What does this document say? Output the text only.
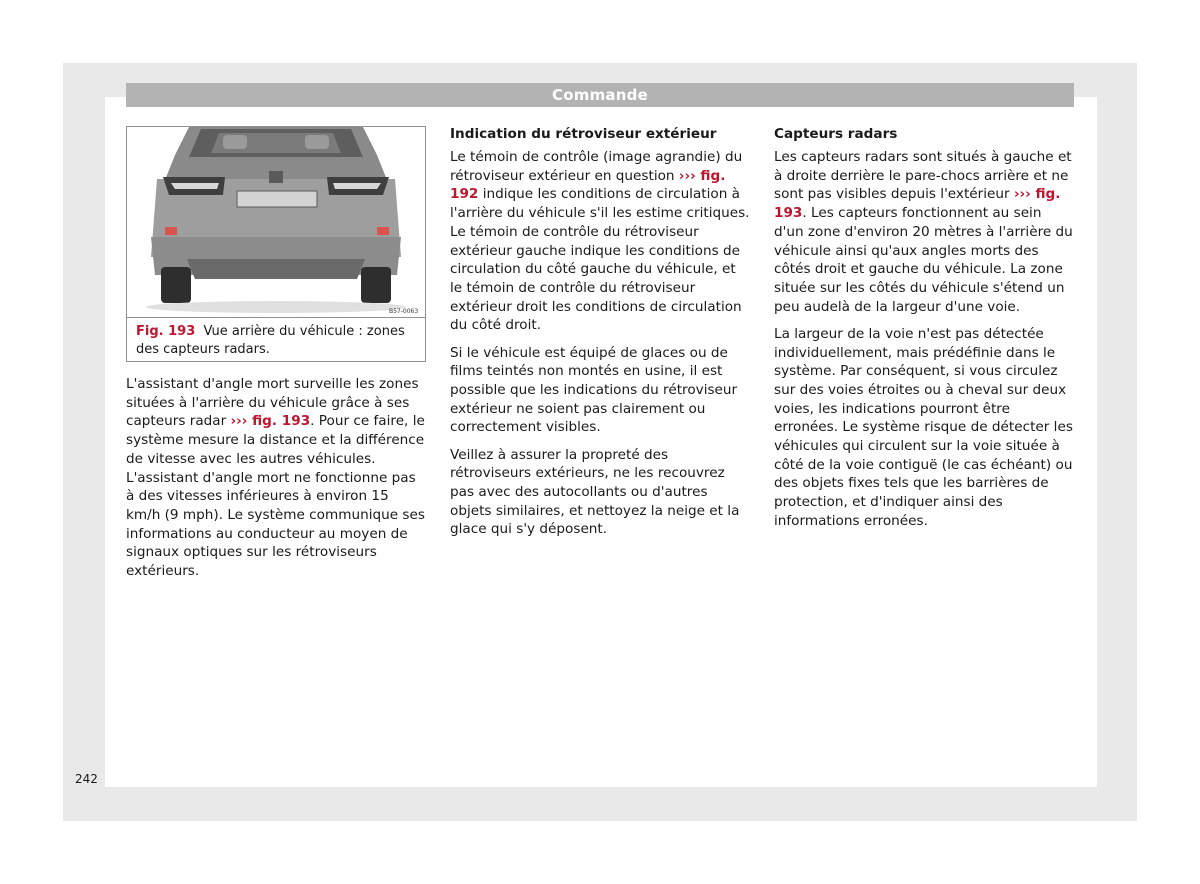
Commande
B57-0063
Fig. 193 Vue arrière du véhicule : zones des capteurs radars.

L'assistant d'angle mort surveille les zones situées à l'arrière du véhicule grâce à ses capteurs radar ››› fig. 193. Pour ce faire, le système mesure la distance et la différence de vitesse avec les autres véhicules. L'assistant d'angle mort ne fonctionne pas à des vitesses inférieures à environ 15 km/h (9 mph). Le système communique ses informations au conducteur au moyen de signaux optiques sur les rétroviseurs extérieurs.

Indication du rétroviseur extérieur

Le témoin de contrôle (image agrandie) du rétroviseur extérieur en question ››› fig. 192 indique les conditions de circulation à l'arrière du véhicule s'il les estime critiques. Le témoin de contrôle du rétroviseur extérieur gauche indique les conditions de circulation du côté gauche du véhicule, et le témoin de contrôle du rétroviseur extérieur droit les conditions de circulation du côté droit.

Si le véhicule est équipé de glaces ou de films teintés non montés en usine, il est possible que les indications du rétroviseur extérieur ne soient pas clairement ou correctement visibles.

Veillez à assurer la propreté des rétroviseurs extérieurs, ne les recouvrez pas avec des autocollants ou d'autres objets similaires, et nettoyez la neige et la glace qui s'y déposent.

Capteurs radars

Les capteurs radars sont situés à gauche et à droite derrière le pare-chocs arrière et ne sont pas visibles depuis l'extérieur ››› fig. 193. Les capteurs fonctionnent au sein d'un zone d'environ 20 mètres à l'arrière du véhicule ainsi qu'aux angles morts des côtés droit et gauche du véhicule. La zone située sur les côtés du véhicule s'étend un peu audelà de la largeur d'une voie.

La largeur de la voie n'est pas détectée individuellement, mais prédéfinie dans le système. Par conséquent, si vous circulez sur des voies étroites ou à cheval sur deux voies, les indications pourront être erronées. Le système risque de détecter les véhicules qui circulent sur la voie située à côté de la voie contiguë (le cas échéant) ou des objets fixes tels que les barrières de protection, et d'indiquer ainsi des informations erronées.

242
